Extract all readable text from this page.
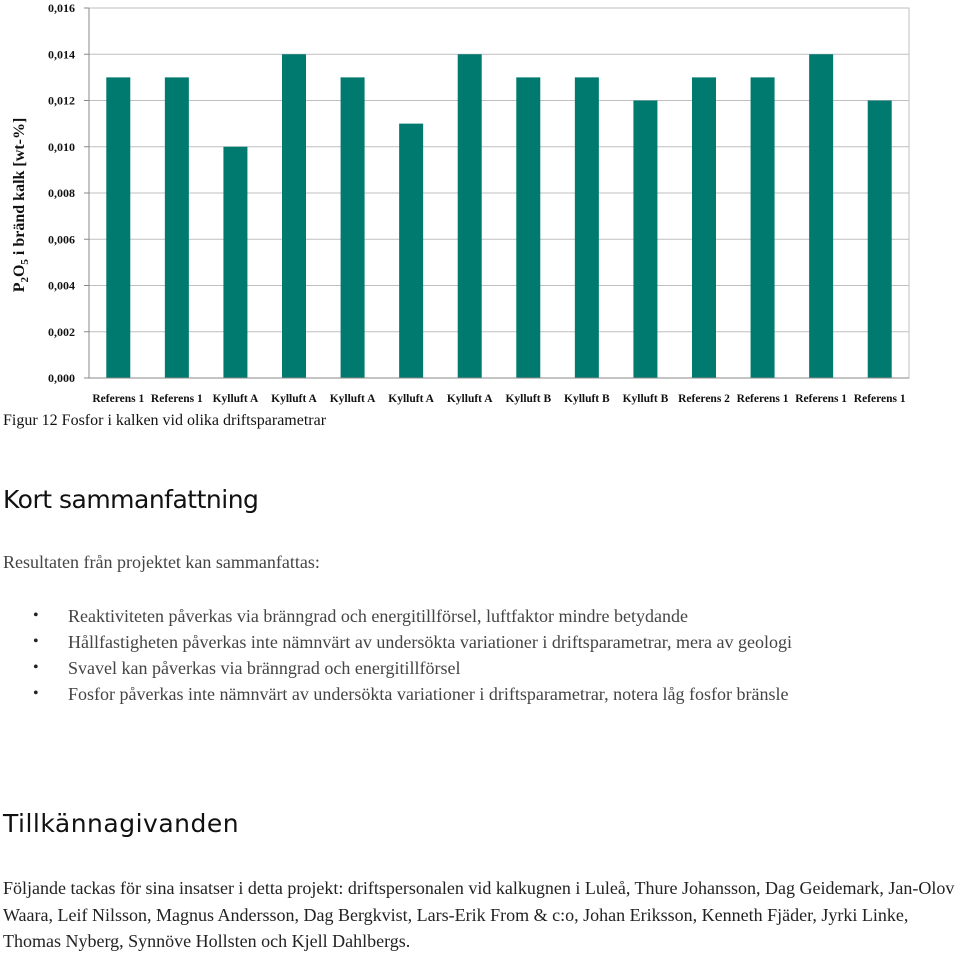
0,000
0,002
0,004
0,006
0,008
0,010
0,012
0,014
0,016
Referens 1 Referens 1 Kylluft A Kylluft A Kylluft A Kylluft A Kylluft A Kylluft B Kylluft B Kylluft B Referens 2 Referens 1 Referens 1 Referens 1
$P_2O_5$ i bränd kalk [wt-%]
Figur 12 Fosfor i kalken vid olika driftsparametrar
Kort sammanfattning

Resultaten från projektet kan sammanfattas:

• Reaktiviteten påverkas via bränngrad och energitillförsel, luftfaktor mindre betydande
• Hållfastigheten påverkas inte nämnvärt av undersökta variationer i driftsparametrar, mera av geologi
• Svavel kan påverkas via bränngrad och energitillförsel
• Fosfor påverkas inte nämnvärt av undersökta variationer i driftsparametrar, notera låg fosfor bränsle
Tillkännagivanden

Följande tackas för sina insatser i detta projekt: driftspersonalen vid kalkugnen i Luleå, Thure Johansson, Dag Geidemark, Jan-Olov Waara, Leif Nilsson, Magnus Andersson, Dag Bergkvist, Lars-Erik From & c:o, Johan Eriksson, Kenneth Fjäder, Jyrki Linke, Thomas Nyberg, Synnöve Hollsten och Kjell Dahlbergs.
